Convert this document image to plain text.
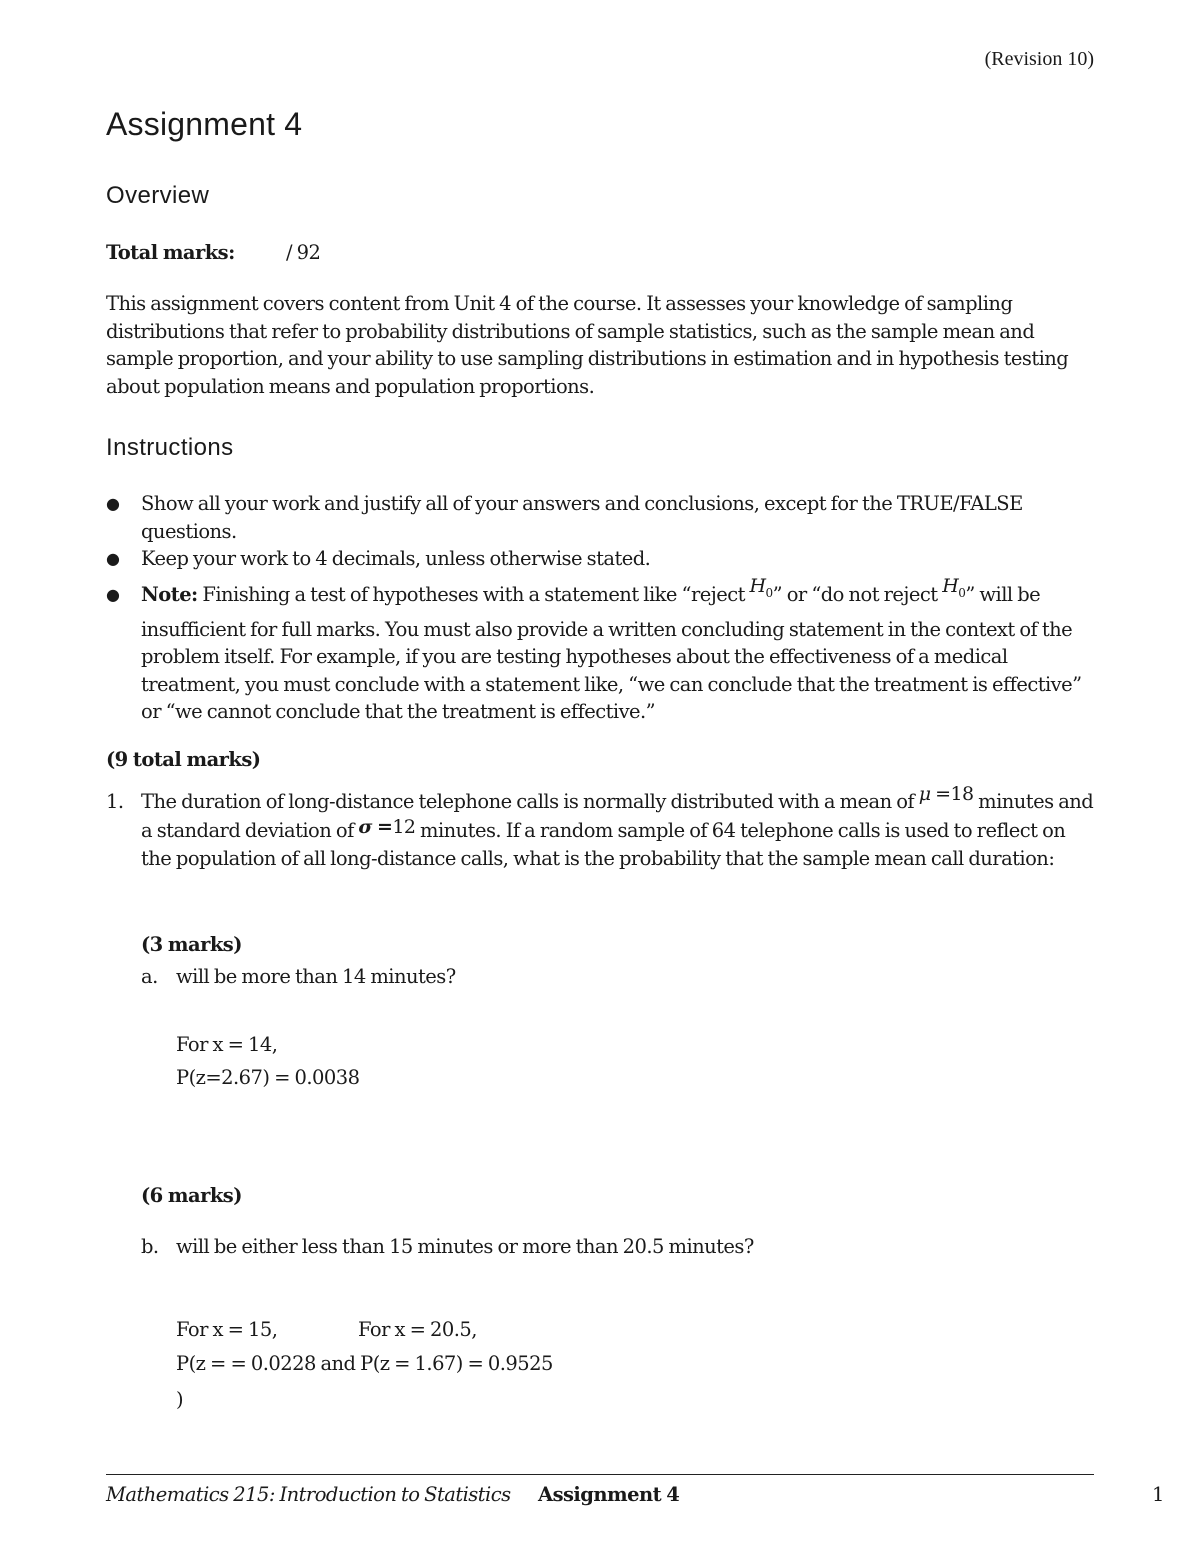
(Revision 10)
Assignment 4
Overview
Total marks:	/ 92

This assignment covers content from Unit 4 of the course. It assesses your knowledge of sampling distributions that refer to probability distributions of sample statistics, such as the sample mean and sample proportion, and your ability to use sampling distributions in estimation and in hypothesis testing about population means and population proportions.

Instructions
● Show all your work and justify all of your answers and conclusions, except for the TRUE/FALSE questions.
● Keep your work to 4 decimals, unless otherwise stated.
● Note: Finishing a test of hypotheses with a statement like “reject $H_0$” or “do not reject $H_0$” will be insufficient for full marks. You must also provide a written concluding statement in the context of the problem itself. For example, if you are testing hypotheses about the effectiveness of a medical treatment, you must conclude with a statement like, “we can conclude that the treatment is effective” or “we cannot conclude that the treatment is effective.”
(9 total marks)
1. The duration of long-distance telephone calls is normally distributed with a mean of μ =18 minutes and a standard deviation of σ =12 minutes. If a random sample of 64 telephone calls is used to reflect on the population of all long-distance calls, what is the probability that the sample mean call duration:
(3 marks)
a. will be more than 14 minutes?
For x = 14,
P(z=2.67) = 0.0038
(6 marks)
b. will be either less than 15 minutes or more than 20.5 minutes?
For x = 15,	For x = 20.5,
P(z = = 0.0228 and P(z = 1.67) = 0.9525
)
Mathematics 215: Introduction to Statistics Assignment 4	1
